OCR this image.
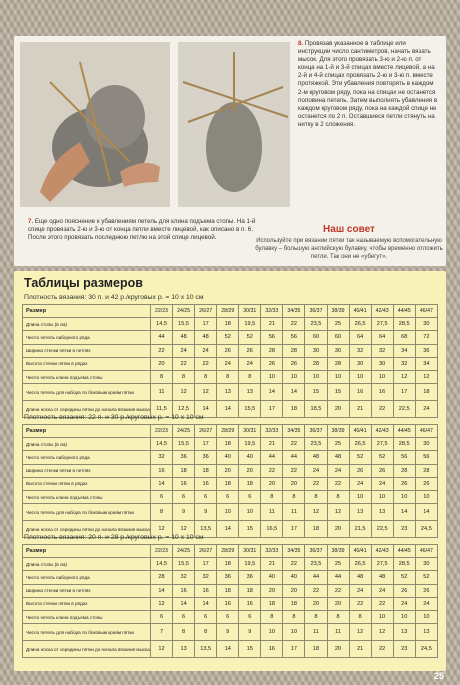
8. Провязав указанное в таблице или инструкции число сантиметров, начать вязать мысок. Для этого провязать 3-ю и 2-ю п. от конца на 1-й и 3-й спицах вместе лицевой, а на 2-й и 4-й спицах провязать 2-ю и 3-ю п. вместе протяжкой. Эти убавления повторять в каждом 2-м круговом ряду, пока на спицах не останется половина петель. Затем выполнять убавления в каждом круговом ряду, пока на каждой спице не останется по 2 п. Оставшиеся петли стянуть на нитку в 2 сложения.
7. Еще одно пояснение к убавлениям петель для клина подъема стопы. На 1-й спице провязать 2-ю и 3-ю от конца петли вместе лицевой, как описано в п. 6. После этого провязать последнюю петлю на этой спице лицевой.
Наш совет
Используйте при вязании пятки так называемую вспомогательную булавку – большую английскую булавку, чтобы временно отложить петли. Так они не «убегут».
Таблицы размеров
Плотность вязания: 30 п. и 42 р./круговых р. = 10 х 10 см
Размер	22/23	24/25	26/27	28/29	30/31	32/33	34/35	36/37	38/39	40/41	42/43	44/45	46/47
Длина стопы (в см)	14,5	15,5	17	18	19,5	21	22	23,5	25	26,5	27,5	28,5	30
Число петель наборного ряда	44	48	48	52	52	56	56	60	60	64	64	68	72
Ширина стенки пятки в петлях	22	24	24	26	26	28	28	30	30	32	32	34	36
Высота стенки пятки в рядах	20	22	22	24	24	26	26	28	28	30	30	32	34
Число петель клина подъема стопы	8	8	8	8	8	10	10	10	10	10	10	12	12
Число петель для набора по боковым краям пятки	11	12	12	13	13	14	14	15	15	16	16	17	18
Длина носка от середины пятки до начала вязания мыска	11,5	12,5	14	14	15,5	17	18	18,5	20	21	22	22,5	24
Плотность вязания: 22 п. и 30 р./круговых р. = 10 х 10 см
Размер	22/23	24/25	26/27	28/29	30/31	32/33	34/35	36/37	38/39	40/41	42/43	44/45	46/47
Длина стопы (в см)	14,5	15,5	17	18	19,5	21	22	23,5	25	26,5	27,5	28,5	30
Число петель наборного ряда	32	36	36	40	40	44	44	48	48	52	52	56	56
Ширина стенки пятки в петлях	16	18	18	20	20	22	22	24	24	26	26	28	28
Высота стенки пятки в рядах	14	16	16	18	18	20	20	22	22	24	24	26	26
Число петель клина подъема стопы	6	6	6	6	6	8	8	8	8	10	10	10	10
Число петель для набора по боковым краям пятки	8	9	9	10	10	11	11	12	12	13	13	14	14
Длина носка от середины пятки до начала вязания мыска	12	12	13,5	14	15	16,5	17	18	20	21,5	22,5	23	24,5
Плотность вязания: 20 п. и 28 р./круговых р. = 10 х 10 см
Размер	22/23	24/25	26/27	28/29	30/31	32/33	34/35	36/37	38/39	40/41	42/43	44/45	46/47
Длина стопы (в см)	14,5	15,5	17	18	19,5	21	22	23,5	25	26,5	27,5	28,5	30
Число петель наборного ряда	28	32	32	36	36	40	40	44	44	48	48	52	52
Ширина стенки пятки в петлях	14	16	16	18	18	20	20	22	22	24	24	26	26
Высота стенки пятки в рядах	12	14	14	16	16	18	18	20	20	22	22	24	24
Число петель клина подъема стопы	6	6	6	6	6	8	8	8	8	8	10	10	10
Число петель для набора по боковым краям пятки	7	8	8	9	9	10	10	11	11	12	12	13	13
Длина носка от середины пятки до начала вязания мыска	12	13	13,5	14	15	16	17	18	20	21	22	23	24,5
25
